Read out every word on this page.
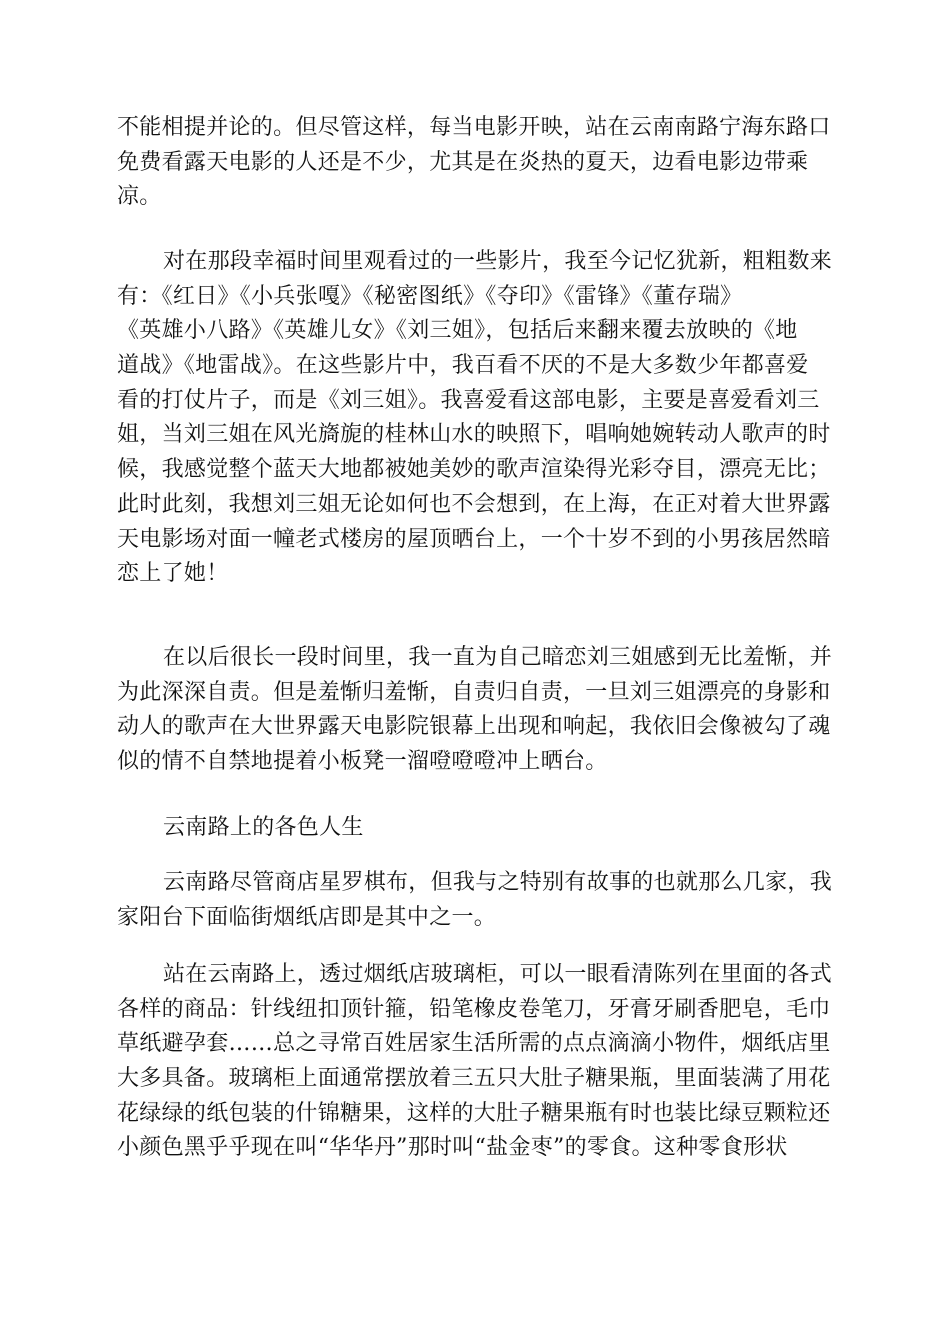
不能相提并论的。但尽管这样，每当电影开映，站在云南南路宁海东路口
免费看露天电影的人还是不少，尤其是在炎热的夏天，边看电影边带乘
凉。
对在那段幸福时间里观看过的一些影片，我至今记忆犹新，粗粗数来
有：《红日》《小兵张嘎》《秘密图纸》《夺印》《雷锋》《董存瑞》
《英雄小八路》《英雄儿女》《刘三姐》，包括后来翻来覆去放映的《地
道战》《地雷战》。在这些影片中，我百看不厌的不是大多数少年都喜爱
看的打仗片子，而是《刘三姐》。我喜爱看这部电影，主要是喜爱看刘三
姐，当刘三姐在风光旖旎的桂林山水的映照下，唱响她婉转动人歌声的时
候，我感觉整个蓝天大地都被她美妙的歌声渲染得光彩夺目，漂亮无比；
此时此刻，我想刘三姐无论如何也不会想到，在上海，在正对着大世界露
天电影场对面一幢老式楼房的屋顶晒台上，一个十岁不到的小男孩居然暗
恋上了她！
在以后很长一段时间里，我一直为自己暗恋刘三姐感到无比羞惭，并
为此深深自责。但是羞惭归羞惭，自责归自责，一旦刘三姐漂亮的身影和
动人的歌声在大世界露天电影院银幕上出现和响起，我依旧会像被勾了魂
似的情不自禁地提着小板凳一溜噔噔噔冲上晒台。
云南路上的各色人生
云南路尽管商店星罗棋布，但我与之特别有故事的也就那么几家，我
家阳台下面临街烟纸店即是其中之一。
站在云南路上，透过烟纸店玻璃柜，可以一眼看清陈列在里面的各式
各样的商品：针线纽扣顶针箍，铅笔橡皮卷笔刀，牙膏牙刷香肥皂，毛巾
草纸避孕套……总之寻常百姓居家生活所需的点点滴滴小物件，烟纸店里
大多具备。玻璃柜上面通常摆放着三五只大肚子糖果瓶，里面装满了用花
花绿绿的纸包装的什锦糖果，这样的大肚子糖果瓶有时也装比绿豆颗粒还
小颜色黑乎乎现在叫“华华丹”那时叫“盐金枣”的零食。这种零食形状
